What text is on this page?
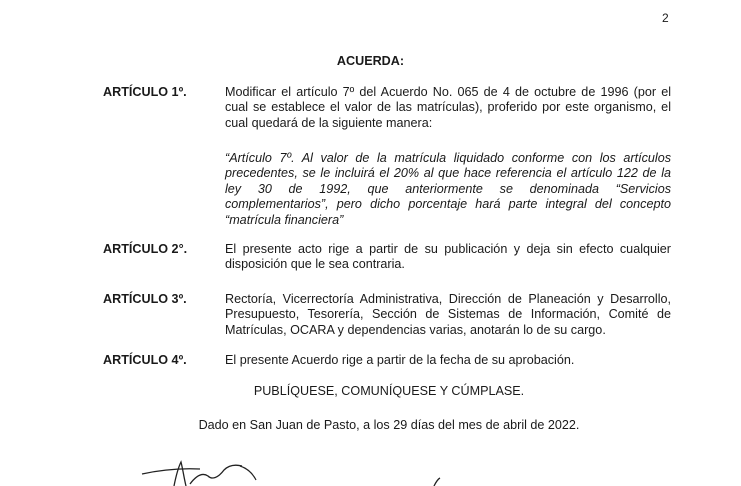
2
ACUERDA:
ARTÍCULO 1º.	Modificar el artículo 7º del Acuerdo No. 065 de 4 de octubre de 1996 (por el cual se establece el valor de las matrículas), proferido por este organismo, el cual quedará de la siguiente manera:
“Artículo 7º. Al valor de la matrícula liquidado conforme con los artículos precedentes, se le incluirá el 20% al que hace referencia el artículo 122 de la ley 30 de 1992, que anteriormente se denominada “Servicios complementarios”, pero dicho porcentaje hará parte integral del concepto “matrícula financiera”
ARTÍCULO 2°.	El presente acto rige a partir de su publicación y deja sin efecto cualquier disposición que le sea contraria.
ARTÍCULO 3º.	Rectoría, Vicerrectoría Administrativa, Dirección de Planeación y Desarrollo, Presupuesto, Tesorería, Sección de Sistemas de Información, Comité de Matrículas, OCARA y dependencias varias, anotarán lo de su cargo.
ARTÍCULO 4º.	El presente Acuerdo rige a partir de la fecha de su aprobación.
PUBLÍQUESE, COMUNÍQUESE Y CÚMPLASE.
Dado en San Juan de Pasto, a los 29 días del mes de abril de 2022.
